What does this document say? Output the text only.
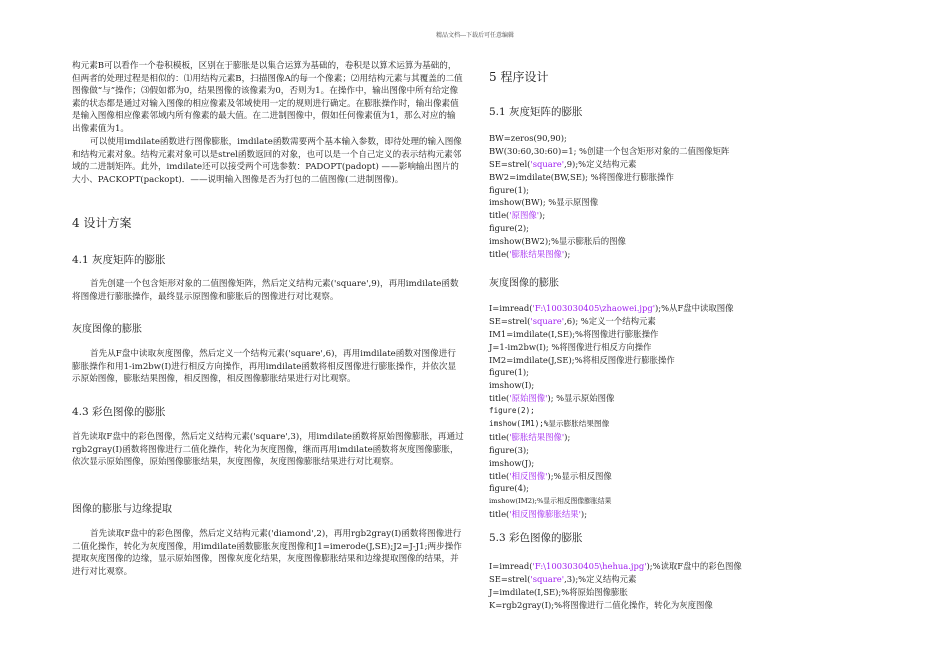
精品文档---下载后可任意编辑

构元素B可以看作一个卷积模板，区别在于膨胀是以集合运算为基础的，卷积是以算术运算为基础的，但两者的处理过程是相似的：⑴用结构元素B，扫描图像A的每一个像素；⑵用结构元素与其覆盖的二值图像做“与”操作；⑶假如都为0，结果图像的该像素为0，否则为1。在操作中，输出图像中所有给定像素的状态都是通过对输入图像的相应像素及邻域使用一定的规则进行确定。在膨胀操作时，输出像素值是输入图像相应像素邻域内所有像素的最大值。在二进制图像中，假如任何像素值为1，那么对应的输出像素值为1。

可以使用imdilate函数进行图像膨胀，imdilate函数需要两个基本输入参数，即待处理的输入图像和结构元素对象。结构元素对象可以是strel函数返回的对象，也可以是一个自己定义的表示结构元素邻域的二进制矩阵。此外，imdilate还可以接受两个可选参数：PADOPT(padopt) ——影响输出图片的大小、PACKOPT(packopt)．——说明输入图像是否为打包的二值图像(二进制图像)。

4 设计方案
4.1 灰度矩阵的膨胀

首先创建一个包含矩形对象的二值图像矩阵，然后定义结构元素('square',9)，再用imdilate函数将图像进行膨胀操作，最终显示原图像和膨胀后的图像进行对比观察。

灰度图像的膨胀

首先从F盘中读取灰度图像，然后定义一个结构元素('square',6)，再用imdilate函数对图像进行膨胀操作和用1-im2bw(I)进行相反方向操作，再用imdilate函数将相反图像进行膨胀操作，并依次显示原始图像，膨胀结果图像，相反图像，相反图像膨胀结果进行对比观察。

4.3 彩色图像的膨胀

首先读取F盘中的彩色图像，然后定义结构元素('square',3)，用imdilate函数将原始图像膨胀，再通过rgb2gray(I)函数将图像进行二值化操作，转化为灰度图像，继而再用imdilate函数将灰度图像膨胀，依次显示原始图像，原始图像膨胀结果，灰度图像，灰度图像膨胀结果进行对比观察。

图像的膨胀与边缘提取

首先读取F盘中的彩色图像，然后定义结构元素('diamond',2)，再用rgb2gray(I)函数将图像进行二值化操作，转化为灰度图像，用imdilate函数膨胀灰度图像和J1=imerode(J,SE);J2=J-J1;两步操作提取灰度图像的边缘，显示原始图像，图像灰度化结果，灰度图像膨胀结果和边缘提取图像的结果，并进行对比观察。

5 程序设计
5.1 灰度矩阵的膨胀
BW=zeros(90,90);
BW(30:60,30:60)=1; %创建一个包含矩形对象的二值图像矩阵
SE=strel('square',9);%定义结构元素
BW2=imdilate(BW,SE); %将图像进行膨胀操作
figure(1);
imshow(BW); %显示原图像
title('原图像');
figure(2);
imshow(BW2);%显示膨胀后的图像
title('膨胀结果图像');
灰度图像的膨胀
I=imread('F:\1003030405\zhaowei.jpg');%从F盘中读取图像
SE=strel('square',6); %定义一个结构元素
IM1=imdilate(I,SE);%将图像进行膨胀操作
J=1-im2bw(I); %将图像进行相反方向操作
IM2=imdilate(J,SE);%将相反图像进行膨胀操作
figure(1);
imshow(I);
title('原始图像'); %显示原始图像
figure(2);
imshow(IM1);%显示膨胀结果图像
title('膨胀结果图像');
figure(3);
imshow(J);
title('相反图像');%显示相反图像
figure(4);
imshow(IM2);%显示相反图像膨胀结果
title('相反图像膨胀结果');
5.3 彩色图像的膨胀
I=imread('F:\1003030405\hehua.jpg');%读取F盘中的彩色图像
SE=strel('square',3);%定义结构元素
J=imdilate(I,SE);%将原始图像膨胀
K=rgb2gray(I);%将图像进行二值化操作，转化为灰度图像
